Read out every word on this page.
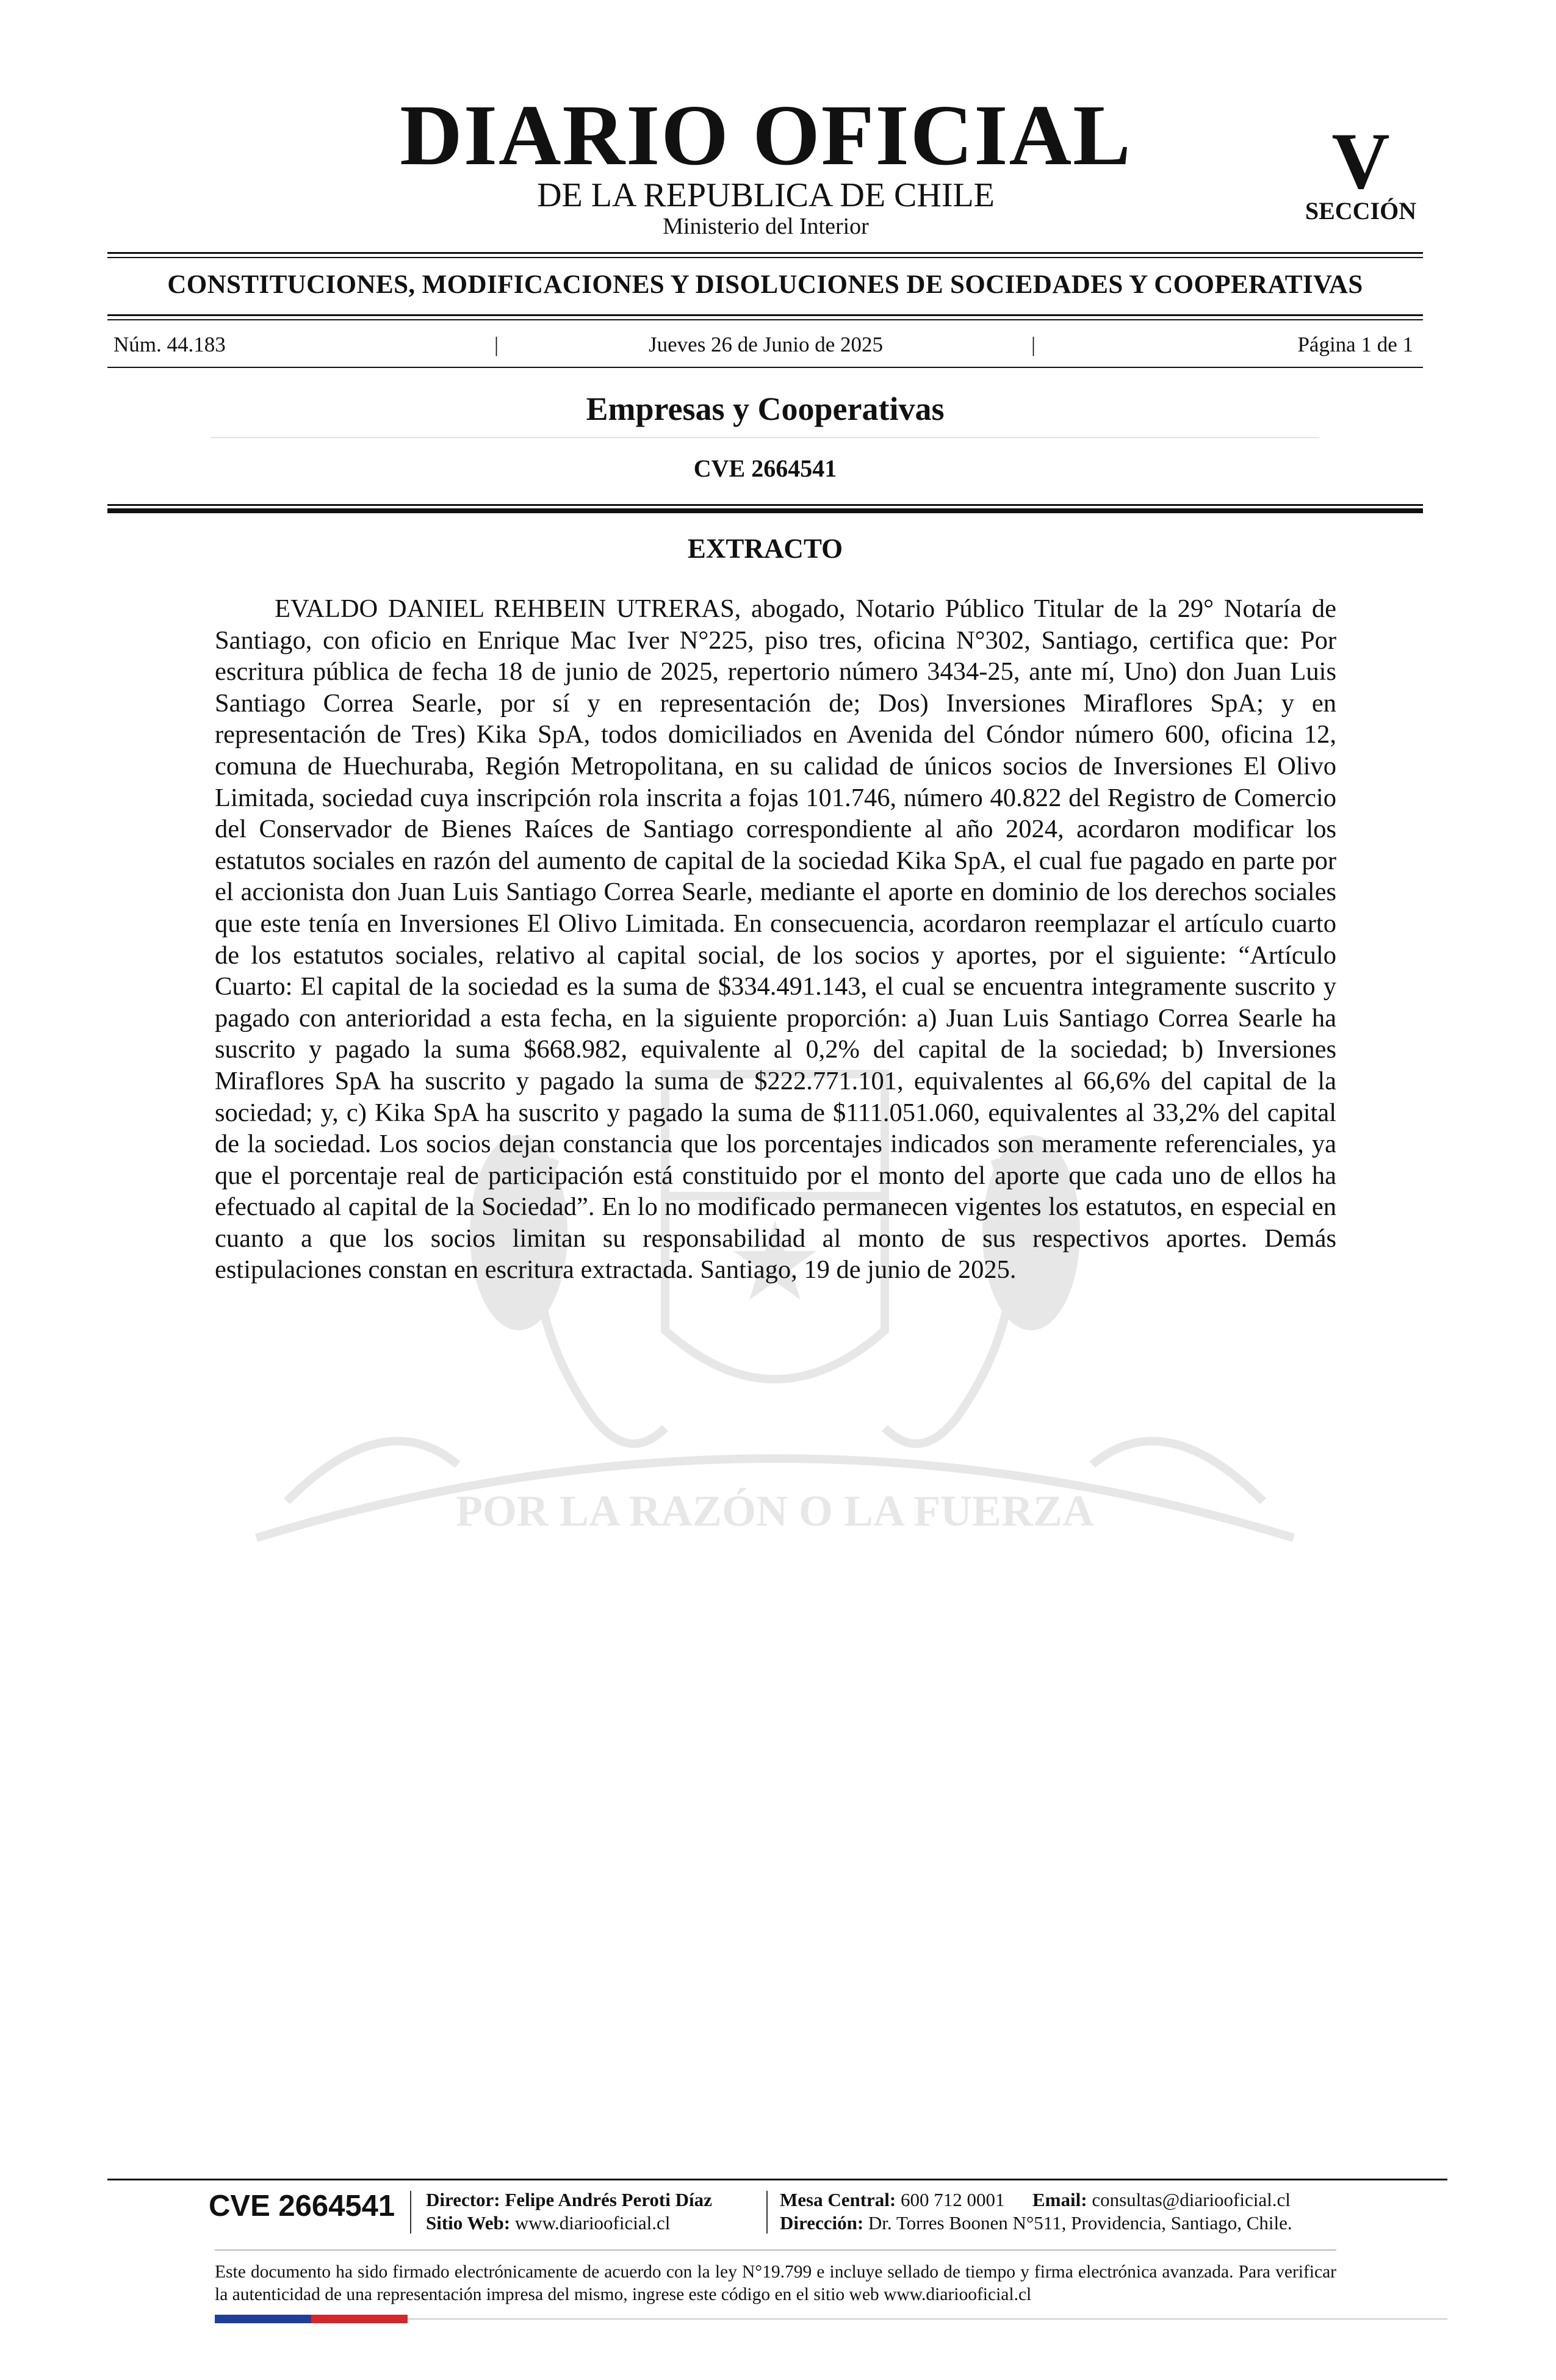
DIARIO OFICIAL
DE LA REPUBLICA DE CHILE
Ministerio del Interior
V
SECCIÓN
CONSTITUCIONES, MODIFICACIONES Y DISOLUCIONES DE SOCIEDADES Y COOPERATIVAS
Núm. 44.183	|	Jueves 26 de Junio de 2025	|	Página 1 de 1
Empresas y Cooperativas
CVE 2664541
POR LA RAZÓN O LA FUERZA
EXTRACTO

EVALDO DANIEL REHBEIN UTRERAS, abogado, Notario Público Titular de la 29° Notaría de Santiago, con oficio en Enrique Mac Iver N°225, piso tres, oficina N°302, Santiago, certifica que: Por escritura pública de fecha 18 de junio de 2025, repertorio número 3434-25, ante mí, Uno) don Juan Luis Santiago Correa Searle, por sí y en representación de; Dos) Inversiones Miraflores SpA; y en representación de Tres) Kika SpA, todos domiciliados en Avenida del Cóndor número 600, oficina 12, comuna de Huechuraba, Región Metropolitana, en su calidad de únicos socios de Inversiones El Olivo Limitada, sociedad cuya inscripción rola inscrita a fojas 101.746, número 40.822 del Registro de Comercio del Conservador de Bienes Raíces de Santiago correspondiente al año 2024, acordaron modificar los estatutos sociales en razón del aumento de capital de la sociedad Kika SpA, el cual fue pagado en parte por el accionista don Juan Luis Santiago Correa Searle, mediante el aporte en dominio de los derechos sociales que este tenía en Inversiones El Olivo Limitada. En consecuencia, acordaron reemplazar el artículo cuarto de los estatutos sociales, relativo al capital social, de los socios y aportes, por el siguiente: “Artículo Cuarto: El capital de la sociedad es la suma de $334.491.143, el cual se encuentra integramente suscrito y pagado con anterioridad a esta fecha, en la siguiente proporción: a) Juan Luis Santiago Correa Searle ha suscrito y pagado la suma $668.982, equivalente al 0,2% del capital de la sociedad; b) Inversiones Miraflores SpA ha suscrito y pagado la suma de $222.771.101, equivalentes al 66,6% del capital de la sociedad; y, c) Kika SpA ha suscrito y pagado la suma de $111.051.060, equivalentes al 33,2% del capital de la sociedad. Los socios dejan constancia que los porcentajes indicados son meramente referenciales, ya que el porcentaje real de participación está constituido por el monto del aporte que cada uno de ellos ha efectuado al capital de la Sociedad”. En lo no modificado permanecen vigentes los estatutos, en especial en cuanto a que los socios limitan su responsabilidad al monto de sus respectivos aportes. Demás estipulaciones constan en escritura extractada. Santiago, 19 de junio de 2025.

CVE 2664541 Director: Felipe Andrés Peroti Díaz
Sitio Web: www.diariooficial.cl
Mesa Central: 600 712 0001 Email: consultas@diariooficial.cl
Dirección: Dr. Torres Boonen N°511, Providencia, Santiago, Chile.

Este documento ha sido firmado electrónicamente de acuerdo con la ley N°19.799 e incluye sellado de tiempo y firma electrónica avanzada. Para verificar la autenticidad de una representación impresa del mismo, ingrese este código en el sitio web www.diariooficial.cl
